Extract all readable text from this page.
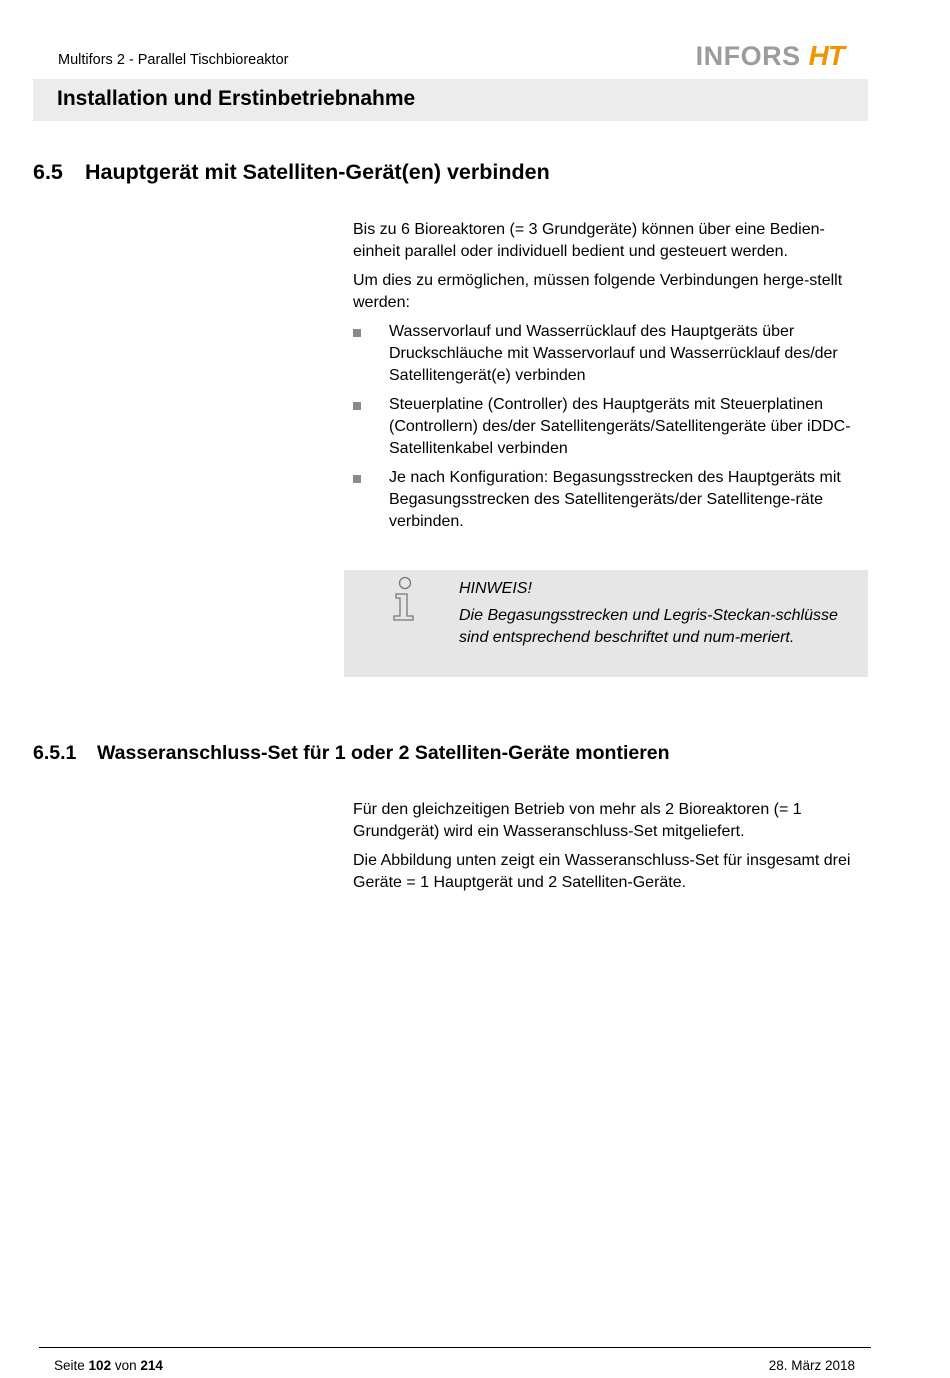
Multifors 2 - Parallel Tischbioreaktor	INFORS HT
Installation und Erstinbetriebnahme
6.5 Hauptgerät mit Satelliten-Gerät(en) verbinden

Bis zu 6 Bioreaktoren (= 3 Grundgeräte) können über eine Bedien-einheit parallel oder individuell bedient und gesteuert werden.

Um dies zu ermöglichen, müssen folgende Verbindungen herge-stellt werden:

Wasservorlauf und Wasserrücklauf des Hauptgeräts über Druckschläuche mit Wasservorlauf und Wasserrücklauf des/der Satellitengerät(e) verbinden
Steuerplatine (Controller) des Hauptgeräts mit Steuerplatinen (Controllern) des/der Satellitengeräts/Satellitengeräte über iDDC-Satellitenkabel verbinden
Je nach Konfiguration: Begasungsstrecken des Hauptgeräts mit Begasungsstrecken des Satellitengeräts/der Satellitenge-räte verbinden.
HINWEIS!
Die Begasungsstrecken und Legris-Steckan-schlüsse sind entsprechend beschriftet und num-meriert.
6.5.1 Wasseranschluss-Set für 1 oder 2 Satelliten-Geräte montieren

Für den gleichzeitigen Betrieb von mehr als 2 Bioreaktoren (= 1 Grundgerät) wird ein Wasseranschluss-Set mitgeliefert.

Die Abbildung unten zeigt ein Wasseranschluss-Set für insgesamt drei Geräte = 1 Hauptgerät und 2 Satelliten-Geräte.

Seite 102 von 214	28. März 2018
